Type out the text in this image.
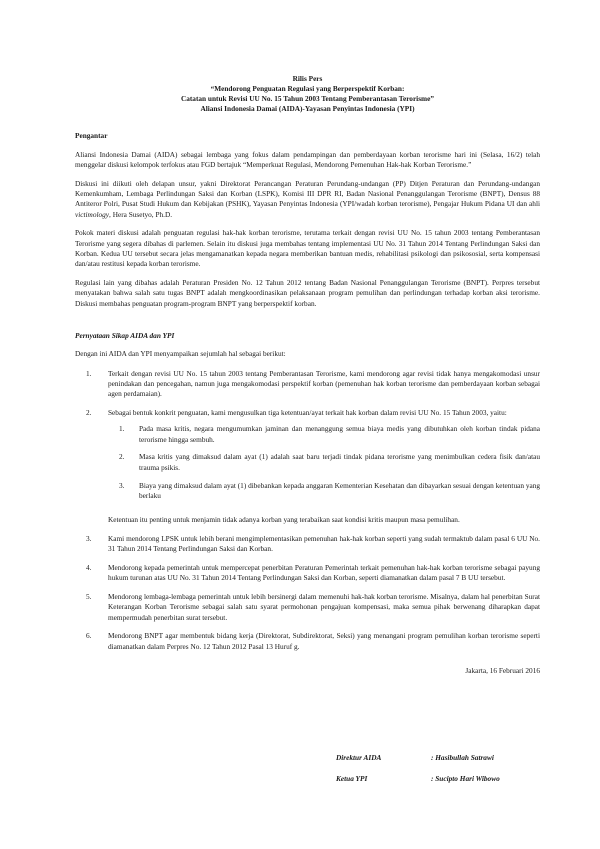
Rilis Pers
“Mendorong Penguatan Regulasi yang Berperspektif Korban:
Catatan untuk Revisi UU No. 15 Tahun 2003 Tentang Pemberantasan Terorisme”
Aliansi Indonesia Damai (AIDA)-Yayasan Penyintas Indonesia (YPI)
Pengantar

Aliansi Indonesia Damai (AIDA) sebagai lembaga yang fokus dalam pendampingan dan pemberdayaan korban terorisme hari ini (Selasa, 16/2) telah menggelar diskusi kelompok terfokus atau FGD bertajuk “Memperkuat Regulasi, Mendorong Pemenuhan Hak-hak Korban Terorisme.”

Diskusi ini diikuti oleh delapan unsur, yakni Direktorat Perancangan Peraturan Perundang-undangan (PP) Ditjen Peraturan dan Perundang-undangan Kemenkumham, Lembaga Perlindungan Saksi dan Korban (LSPK), Komisi III DPR RI, Badan Nasional Penanggulangan Terorisme (BNPT), Densus 88 Antiteror Polri, Pusat Studi Hukum dan Kebijakan (PSHK), Yayasan Penyintas Indonesia (YPI/wadah korban terorisme), Pengajar Hukum Pidana UI dan ahli victimology, Hera Susetyo, Ph.D.

Pokok materi diskusi adalah penguatan regulasi hak-hak korban terorisme, terutama terkait dengan revisi UU No. 15 tahun 2003 tentang Pemberantasan Terorisme yang segera dibahas di parlemen. Selain itu diskusi juga membahas tentang implementasi UU No. 31 Tahun 2014 Tentang Perlindungan Saksi dan Korban. Kedua UU tersebut secara jelas mengamanatkan kepada negara memberikan bantuan medis, rehabilitasi psikologi dan psikososial, serta kompensasi dan/atau restitusi kepada korban terorisme.

Regulasi lain yang dibahas adalah Peraturan Presiden No. 12 Tahun 2012 tentang Badan Nasional Penanggulangan Terorisme (BNPT). Perpres tersebut menyatakan bahwa salah satu tugas BNPT adalah mengkoordinasikan pelaksanaan program pemulihan dan perlindungan terhadap korban aksi terorisme. Diskusi membahas penguatan program-program BNPT yang berperspektif korban.

Pernyataan Sikap AIDA dan YPI

Dengan ini AIDA dan YPI menyampaikan sejumlah hal sebagai berikut:

1.	Terkait dengan revisi UU No. 15 tahun 2003 tentang Pemberantasan Terorisme, kami mendorong agar revisi tidak hanya mengakomodasi unsur penindakan dan pencegahan, namun juga mengakomodasi perspektif korban (pemenuhan hak korban terorisme dan pemberdayaan korban sebagai agen perdamaian).
2.	Sebagai bentuk konkrit penguatan, kami mengusulkan tiga ketentuan/ayat terkait hak korban dalam revisi UU No. 15 Tahun 2003, yaitu:
1.	Pada masa kritis, negara mengumumkan jaminan dan menanggung semua biaya medis yang dibutuhkan oleh korban tindak pidana terorisme hingga sembuh.
2.	Masa kritis yang dimaksud dalam ayat (1) adalah saat baru terjadi tindak pidana terorisme yang menimbulkan cedera fisik dan/atau trauma psikis.
3.	Biaya yang dimaksud dalam ayat (1) dibebankan kepada anggaran Kementerian Kesehatan dan dibayarkan sesuai dengan ketentuan yang berlaku

Ketentuan itu penting untuk menjamin tidak adanya korban yang terabaikan saat kondisi kritis maupun masa pemulihan.

3.	Kami mendorong LPSK untuk lebih berani mengimplementasikan pemenuhan hak-hak korban seperti yang sudah termaktub dalam pasal 6 UU No. 31 Tahun 2014 Tentang Perlindungan Saksi dan Korban.
4.	Mendorong kepada pemerintah untuk mempercepat penerbitan Peraturan Pemerintah terkait pemenuhan hak-hak korban terorisme sebagai payung hukum turunan atas UU No. 31 Tahun 2014 Tentang Perlindungan Saksi dan Korban, seperti diamanatkan dalam pasal 7 B UU tersebut.
5.	Mendorong lembaga-lembaga pemerintah untuk lebih bersinergi dalam memenuhi hak-hak korban terorisme. Misalnya, dalam hal penerbitan Surat Keterangan Korban Terorisme sebagai salah satu syarat permohonan pengajuan kompensasi, maka semua pihak berwenang diharapkan dapat mempermudah penerbitan surat tersebut.
6.	Mendorong BNPT agar membentuk bidang kerja (Direktorat, Subdirektorat, Seksi) yang menangani program pemulihan korban terorisme seperti diamanatkan dalam Perpres No. 12 Tahun 2012 Pasal 13 Huruf g.
Jakarta, 16 Februari 2016
Direktur AIDA	: Hasibullah Satrawi
Ketua YPI	: Sucipto Hari Wibowo
